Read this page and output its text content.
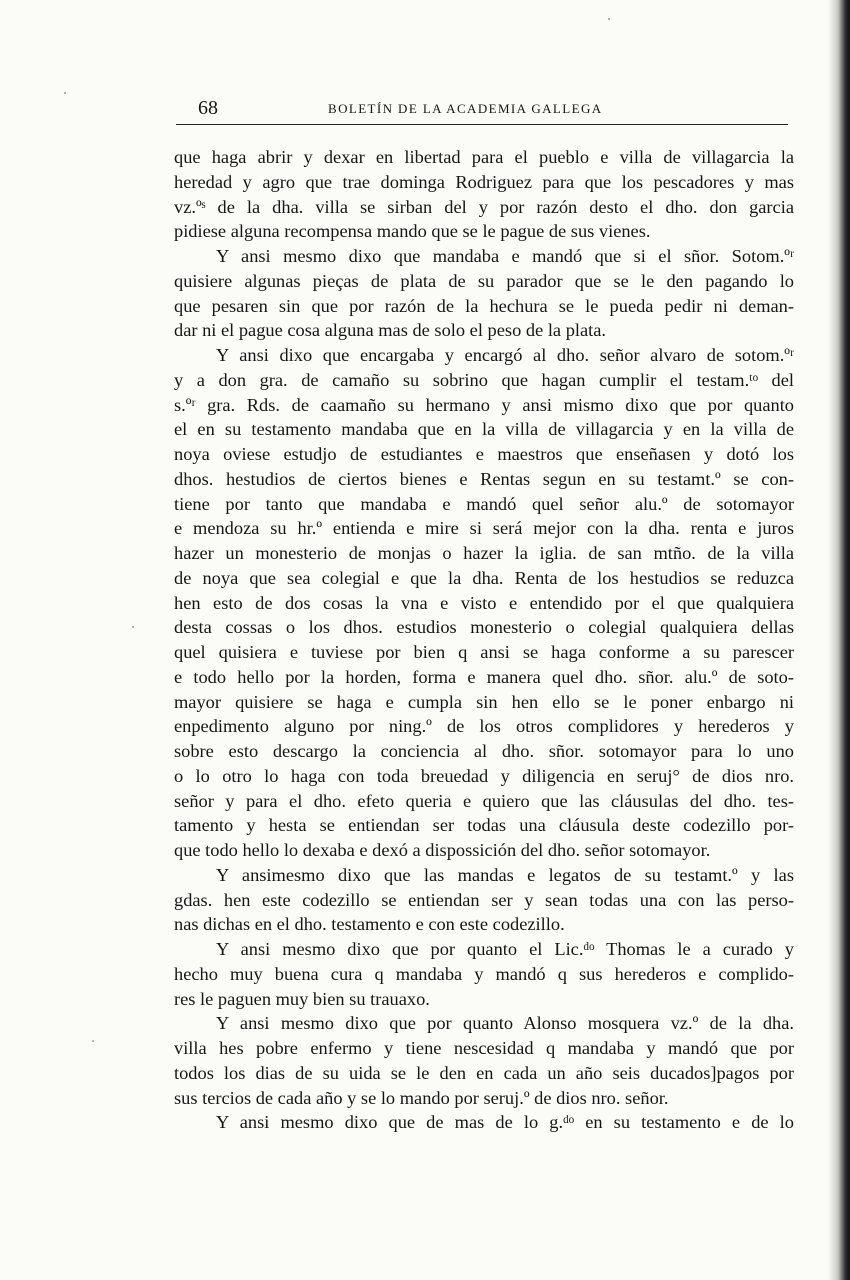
68	BOLETÍN DE LA ACADEMIA GALLEGA

que haga abrir y dexar en libertad para el pueblo e villa de villagarcia la

heredad y agro que trae dominga Rodriguez para que los pescadores y mas

vz.ºˢ de la dha. villa se sirban del y por razón desto el dho. don garcia

pidiese alguna recompensa mando que se le pague de sus vienes.

Y ansi mesmo dixo que mandaba e mandó que si el sñor. Sotom.ºʳ

quisiere algunas pieças de plata de su parador que se le den pagando lo

que pesaren sin que por razón de la hechura se le pueda pedir ni deman-

dar ni el pague cosa alguna mas de solo el peso de la plata.

Y ansi dixo que encargaba y encargó al dho. señor alvaro de sotom.ºʳ

y a don gra. de camaño su sobrino que hagan cumplir el testam.ᵗᵒ del

s.ºʳ gra. Rds. de caamaño su hermano y ansi mismo dixo que por quanto

el en su testamento mandaba que en la villa de villagarcia y en la villa de

noya oviese estudjo de estudiantes e maestros que enseñasen y dotó los

dhos. hestudios de ciertos bienes e Rentas segun en su testamt.º se con-

tiene por tanto que mandaba e mandó quel señor alu.º de sotomayor

e mendoza su hr.º entienda e mire si será mejor con la dha. renta e juros

hazer un monesterio de monjas o hazer la iglia. de san mtño. de la villa

de noya que sea colegial e que la dha. Renta de los hestudios se reduzca

hen esto de dos cosas la vna e visto e entendido por el que qualquiera

desta cossas o los dhos. estudios monesterio o colegial qualquiera dellas

quel quisiera e tuviese por bien q ansi se haga conforme a su parescer

e todo hello por la horden, forma e manera quel dho. sñor. alu.º de soto-

mayor quisiere se haga e cumpla sin hen ello se le poner enbargo ni

enpedimento alguno por ning.º de los otros complidores y herederos y

sobre esto descargo la conciencia al dho. sñor. sotomayor para lo uno

o lo otro lo haga con toda breuedad y diligencia en seruj° de dios nro.

señor y para el dho. efeto queria e quiero que las cláusulas del dho. tes-

tamento y hesta se entiendan ser todas una cláusula deste codezillo por-

que todo hello lo dexaba e dexó a dispossición del dho. señor sotomayor.

Y ansimesmo dixo que las mandas e legatos de su testamt.º y las

gdas. hen este codezillo se entiendan ser y sean todas una con las perso-

nas dichas en el dho. testamento e con este codezillo.

Y ansi mesmo dixo que por quanto el Lic.ᵈᵒ Thomas le a curado y

hecho muy buena cura q mandaba y mandó q sus herederos e complido-

res le paguen muy bien su trauaxo.

Y ansi mesmo dixo que por quanto Alonso mosquera vz.º de la dha.

villa hes pobre enfermo y tiene nescesidad q mandaba y mandó que por

todos los dias de su uida se le den en cada un año seis ducados]pagos por

sus tercios de cada año y se lo mando por seruj.º de dios nro. señor.

Y ansi mesmo dixo que de mas de lo g.ᵈᵒ en su testamento e de lo
